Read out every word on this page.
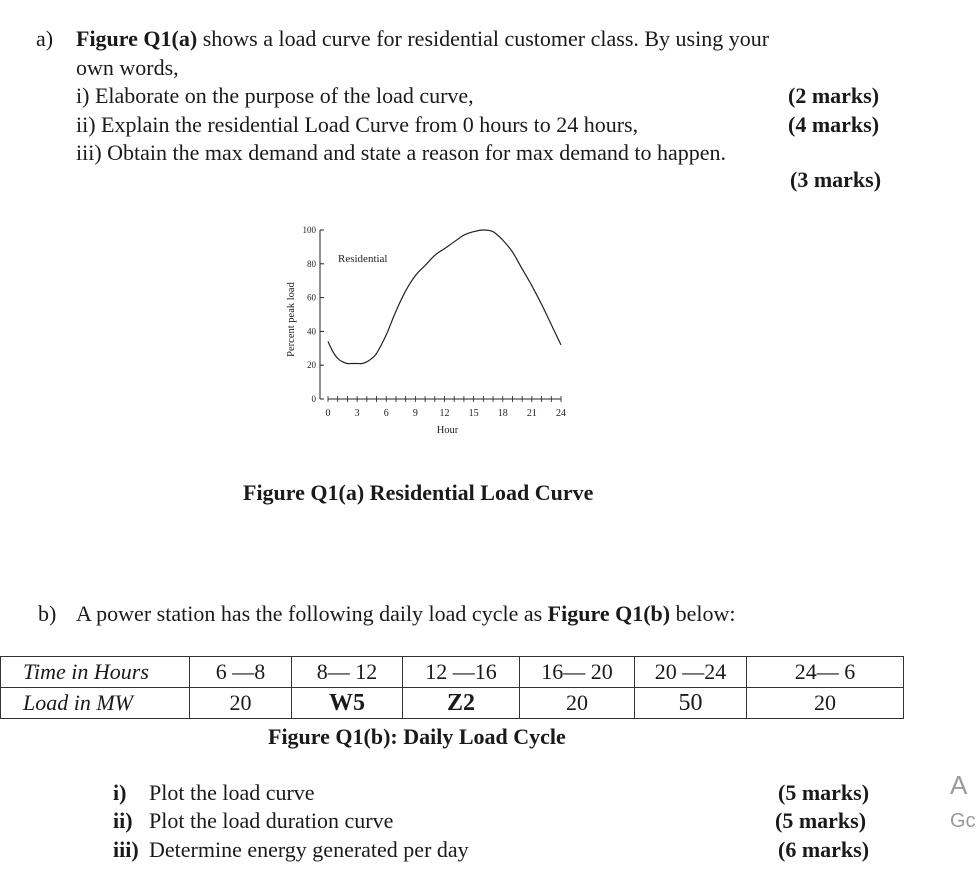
a) Figure Q1(a) shows a load curve for residential customer class. By using your
own words,
i) Elaborate on the purpose of the load curve,	(2 marks)
ii) Explain the residential Load Curve from 0 hours to 24 hours,	(4 marks)
iii) Obtain the max demand and state a reason for max demand to happen.
(3 marks)
0
20
40
60
80
100
0 3 6 9 12 15 18 21 24
Hour
Percent peak load
Residential
Figure Q1(a) Residential Load Curve
b) A power station has the following daily load cycle as Figure Q1(b) below:
Time in Hours	6 —8	8— 12	12 —16	16— 20	20 —24	24— 6
Load in MW	20	W5	Z2	20	50	20
Figure Q1(b): Daily Load Cycle
i) Plot the load curve	(5 marks)
ii) Plot the load duration curve	(5 marks)
iii) Determine energy generated per day	(6 marks)
A
Gc
